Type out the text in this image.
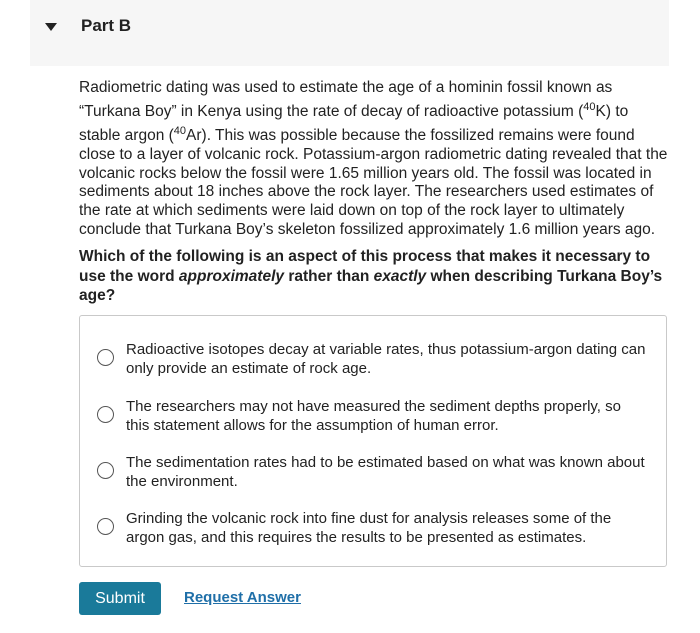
Part B
Radiometric dating was used to estimate the age of a hominin fossil known as “Turkana Boy” in Kenya using the rate of decay of radioactive potassium ($^{40}$K) to stable argon ($^{40}$Ar). This was possible because the fossilized remains were found close to a layer of volcanic rock. Potassium-argon radiometric dating revealed that the volcanic rocks below the fossil were 1.65 million years old. The fossil was located in sediments about 18 inches above the rock layer. The researchers used estimates of the rate at which sediments were laid down on top of the rock layer to ultimately conclude that Turkana Boy’s skeleton fossilized approximately 1.6 million years ago.
Which of the following is an aspect of this process that makes it necessary to use the word approximately rather than exactly when describing Turkana Boy’s age?
Radioactive isotopes decay at variable rates, thus potassium-argon dating can only provide an estimate of rock age.
The researchers may not have measured the sediment depths properly, so this statement allows for the assumption of human error.
The sedimentation rates had to be estimated based on what was known about the environment.
Grinding the volcanic rock into fine dust for analysis releases some of the argon gas, and this requires the results to be presented as estimates.
Submit	Request Answer
